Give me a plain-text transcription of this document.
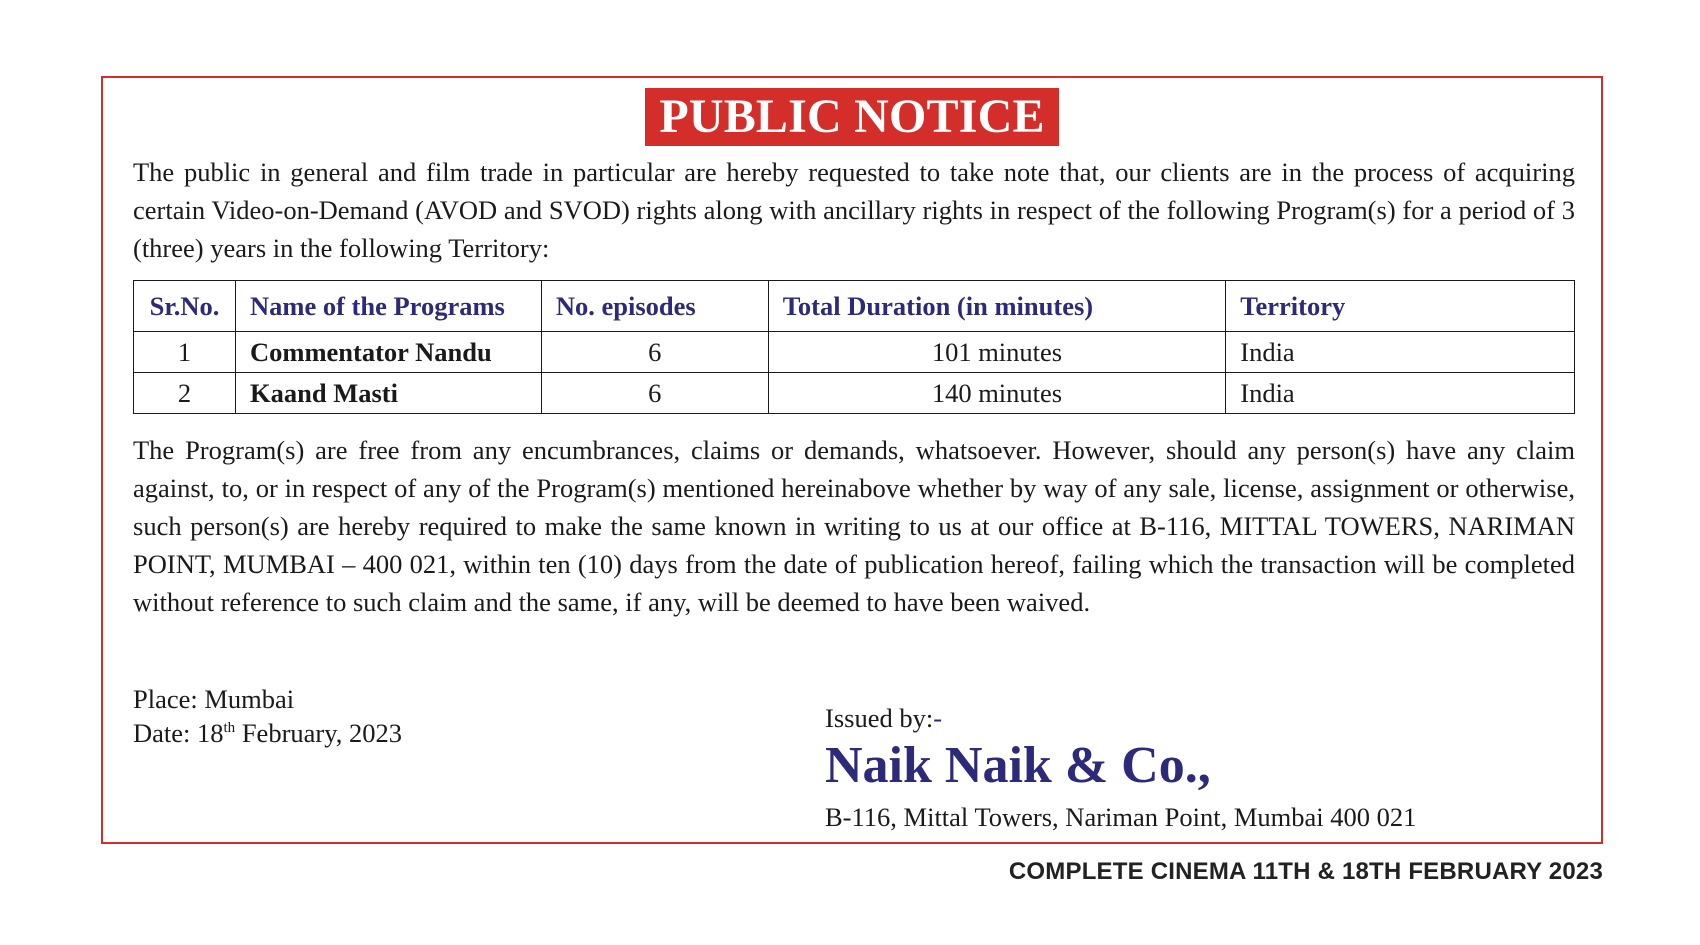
PUBLIC NOTICE

The public in general and film trade in particular are hereby requested to take note that, our clients are in the process of acquiring certain Video-on-Demand (AVOD and SVOD) rights along with ancillary rights in respect of the following Program(s) for a period of 3 (three) years in the following Territory:

Sr.No.	Name of the Programs	No. episodes	Total Duration (in minutes)	Territory
1	Commentator Nandu	6	101 minutes	India
2	Kaand Masti	6	140 minutes	India

The Program(s) are free from any encumbrances, claims or demands, whatsoever. However, should any person(s) have any claim against, to, or in respect of any of the Program(s) mentioned hereinabove whether by way of any sale, license, assignment or otherwise, such person(s) are hereby required to make the same known in writing to us at our office at B-116, MITTAL TOWERS, NARIMAN POINT, MUMBAI – 400 021, within ten (10) days from the date of publication hereof, failing which the transaction will be completed without reference to such claim and the same, if any, will be deemed to have been waived.

Place: Mumbai
Date: 18th February, 2023	Issued by:-
Naik Naik & Co.,
B-116, Mittal Towers, Nariman Point, Mumbai 400 021
COMPLETE CINEMA 11TH & 18TH FEBRUARY 2023
